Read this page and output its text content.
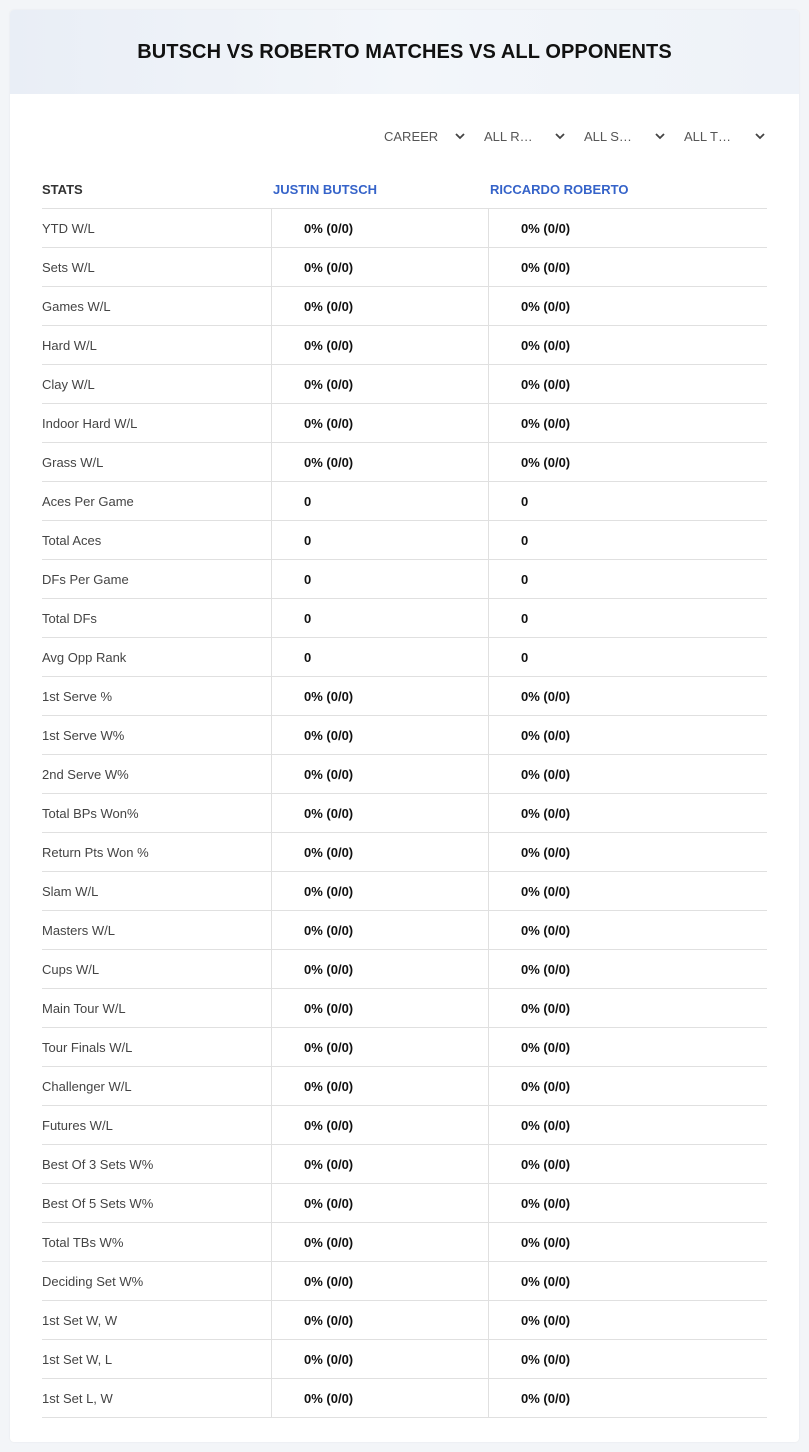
BUTSCH VS ROBERTO MATCHES VS ALL OPPONENTS
CAREER	ALL R…	ALL S…	ALL T…
STATS	JUSTIN BUTSCH	RICCARDO ROBERTO
YTD W/L	0% (0/0)	0% (0/0)
Sets W/L	0% (0/0)	0% (0/0)
Games W/L	0% (0/0)	0% (0/0)
Hard W/L	0% (0/0)	0% (0/0)
Clay W/L	0% (0/0)	0% (0/0)
Indoor Hard W/L	0% (0/0)	0% (0/0)
Grass W/L	0% (0/0)	0% (0/0)
Aces Per Game	0	0
Total Aces	0	0
DFs Per Game	0	0
Total DFs	0	0
Avg Opp Rank	0	0
1st Serve %	0% (0/0)	0% (0/0)
1st Serve W%	0% (0/0)	0% (0/0)
2nd Serve W%	0% (0/0)	0% (0/0)
Total BPs Won%	0% (0/0)	0% (0/0)
Return Pts Won %	0% (0/0)	0% (0/0)
Slam W/L	0% (0/0)	0% (0/0)
Masters W/L	0% (0/0)	0% (0/0)
Cups W/L	0% (0/0)	0% (0/0)
Main Tour W/L	0% (0/0)	0% (0/0)
Tour Finals W/L	0% (0/0)	0% (0/0)
Challenger W/L	0% (0/0)	0% (0/0)
Futures W/L	0% (0/0)	0% (0/0)
Best Of 3 Sets W%	0% (0/0)	0% (0/0)
Best Of 5 Sets W%	0% (0/0)	0% (0/0)
Total TBs W%	0% (0/0)	0% (0/0)
Deciding Set W%	0% (0/0)	0% (0/0)
1st Set W, W	0% (0/0)	0% (0/0)
1st Set W, L	0% (0/0)	0% (0/0)
1st Set L, W	0% (0/0)	0% (0/0)
